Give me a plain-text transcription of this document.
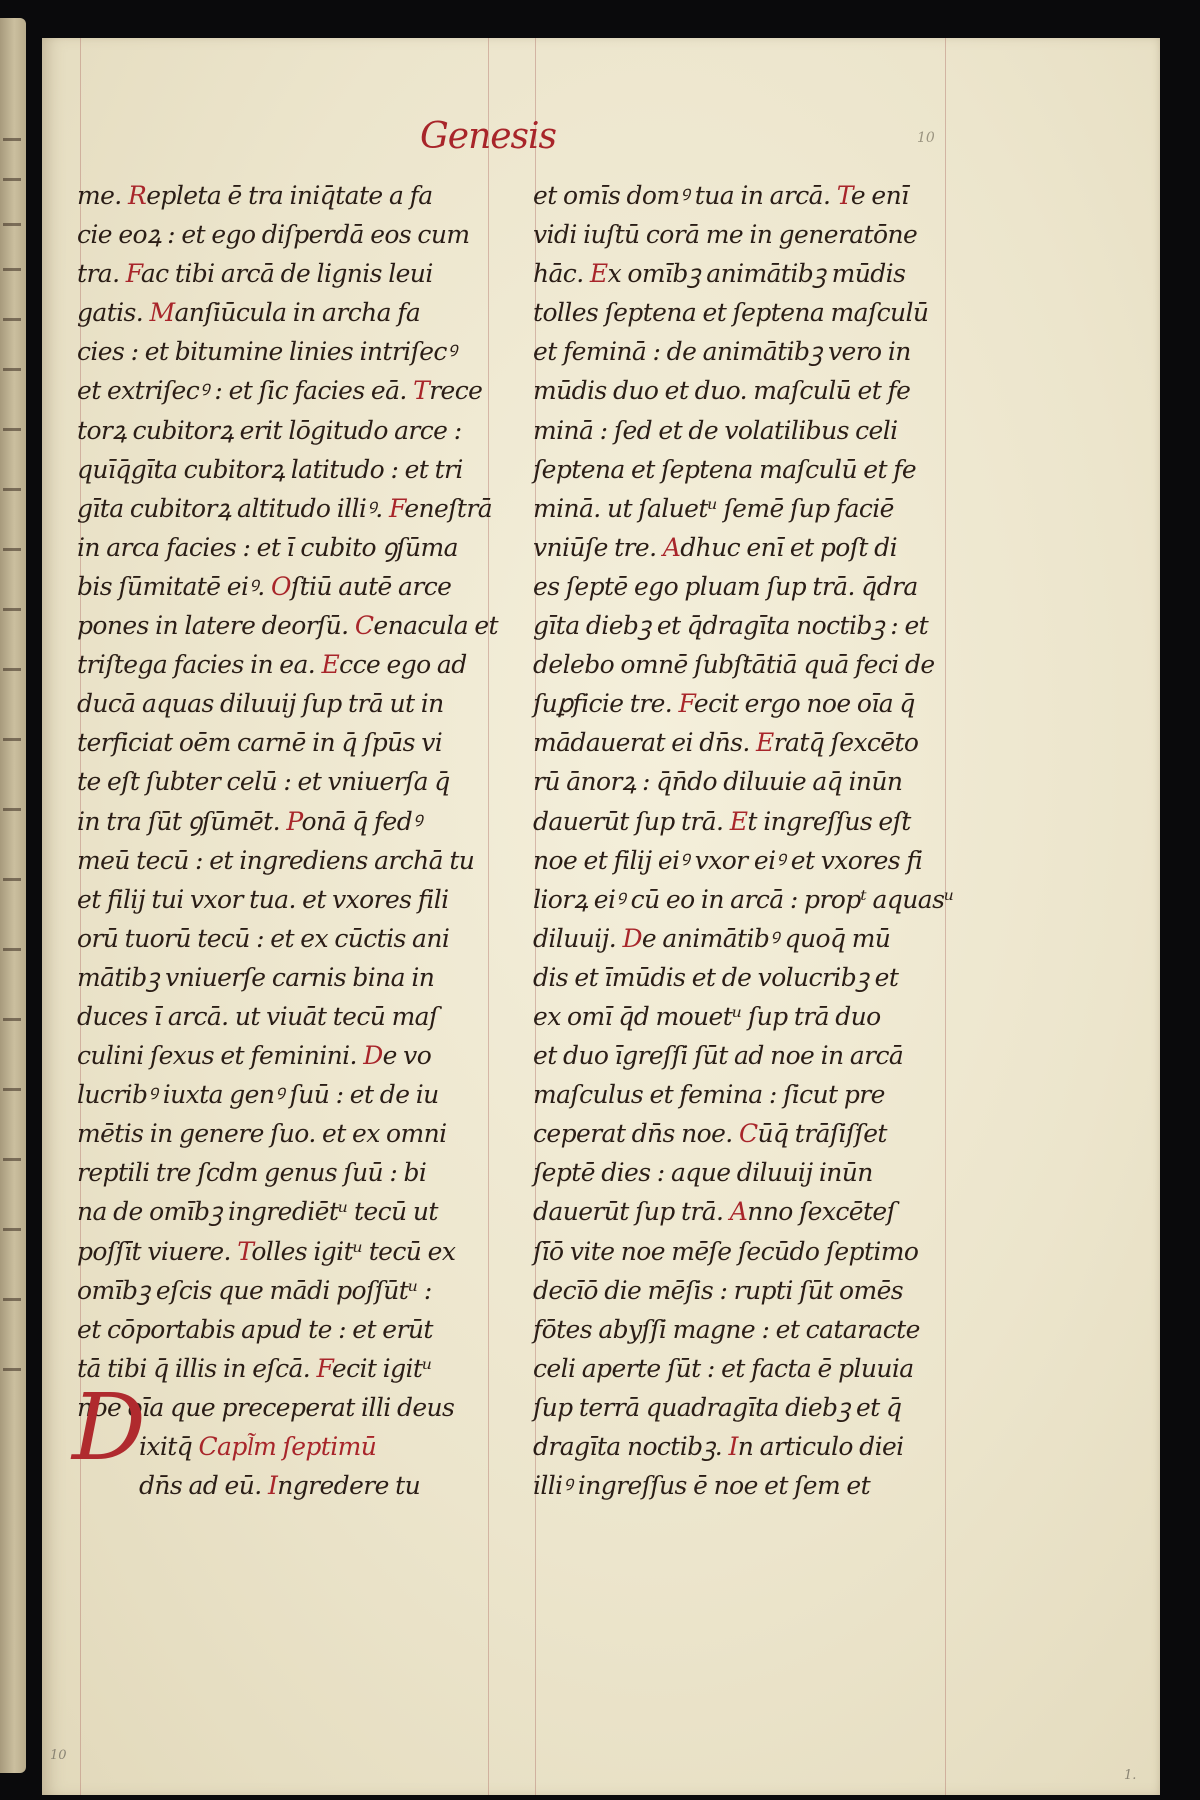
Genesis	10
me. Repleta ē tra iniq̄tate a fa
cie eoꝝ : et ego diſperdā eos cum
tra. Fac tibi arcā de lignis leui
gatis. Manſiūcula in archa fa
cies : et bitumine linies intriſecꝰ
et extriſecꝰ : et ſic facies eā. Trece
torꝝ cubitorꝝ erit lōgitudo arce :
quīq̄gīta cubitorꝝ latitudo : et tri
gīta cubitorꝝ altitudo illiꝰ. Feneſtrā
in arca facies : et ī cubito ꝯſūma
bis ſūmitatē eiꝰ. Oſtiū autē arce
pones in latere deorſū. Cenacula et
triſtega facies in ea. Ecce ego ad
ducā aquas diluuij ſup trā ut in
terficiat oēm carnē in q̄ ſpūs vi
te eſt ſubter celū : et vniuerſa q̄
in tra ſūt ꝯſūmēt. Ponā q̄ fedꝰ
meū tecū : et ingrediens archā tu
et filij tui vxor tua. et vxores fili
orū tuorū tecū : et ex cūctis ani
mātibꝫ vniuerſe carnis bina in
duces ī arcā. ut viuāt tecū maſ
culini ſexus et feminini. De vo
lucribꝰ iuxta genꝰ ſuū : et de iu
mētis in genere ſuo. et ex omni
reptili tre ſcdm genus ſuū : bi
na de omībꝫ ingrediētᵘ tecū ut
poſſīt viuere. Tolles igitᵘ tecū ex
omībꝫ eſcis que mādi poſſūtᵘ :
et cōportabis apud te : et erūt
tā tibi q̄ illis in eſcā. Fecit igitᵘ
noe oīa que preceperat illi deus
ixitq̄ Capl͂m ſeptimū
dn̄s ad eū. Ingredere tu
et omīs domꝰ tua in arcā. Te enī
vidi iuſtū corā me in generatōne
hāc. Ex omībꝫ animātibꝫ mūdis
tolles ſeptena et ſeptena maſculū
et feminā : de animātibꝫ vero in
mūdis duo et duo. maſculū et fe
minā : ſed et de volatilibus celi
ſeptena et ſeptena maſculū et fe
minā. ut ſaluetᵘ ſemē ſup faciē
vniūſe tre. Adhuc enī et poſt di
es ſeptē ego pluam ſup trā. q̄dra
gīta diebꝫ et q̄dragīta noctibꝫ : et
delebo omnē ſubſtātiā quā feci de
ſuꝑficie tre. Fecit ergo noe oīa q̄
mādauerat ei dn̄s. Eratq̄ ſexcēto
rū ānorꝝ : q̄n̄do diluuie aq̄ inūn
dauerūt ſup trā. Et ingreſſus eſt
noe et filij eiꝰ vxor eiꝰ et vxores fi
liorꝝ eiꝰ cū eo in arcā : propᵗ aquasᵘ
diluuij. De animātibꝰ quoq̄ mū
dis et īmūdis et de volucribꝫ et
ex omī q̄d mouetᵘ ſup trā duo
et duo īgreſſi ſūt ad noe in arcā
maſculus et femina : ſicut pre
ceperat dn̄s noe. Cūq̄ trāſiſſet
ſeptē dies : aque diluuij inūn
dauerūt ſup trā. Anno ſexcēteſ
ſīō vite noe mēſe ſecūdo ſeptimo
decīō die mēſis : rupti ſūt omēs
fōtes abyſſi magne : et cataracte
celi aperte ſūt : et facta ē pluuia
ſup terrā quadragīta diebꝫ et q̄
dragīta noctibꝫ. In articulo diei
illiꝰ ingreſſus ē noe et ſem et
D
10
1.
